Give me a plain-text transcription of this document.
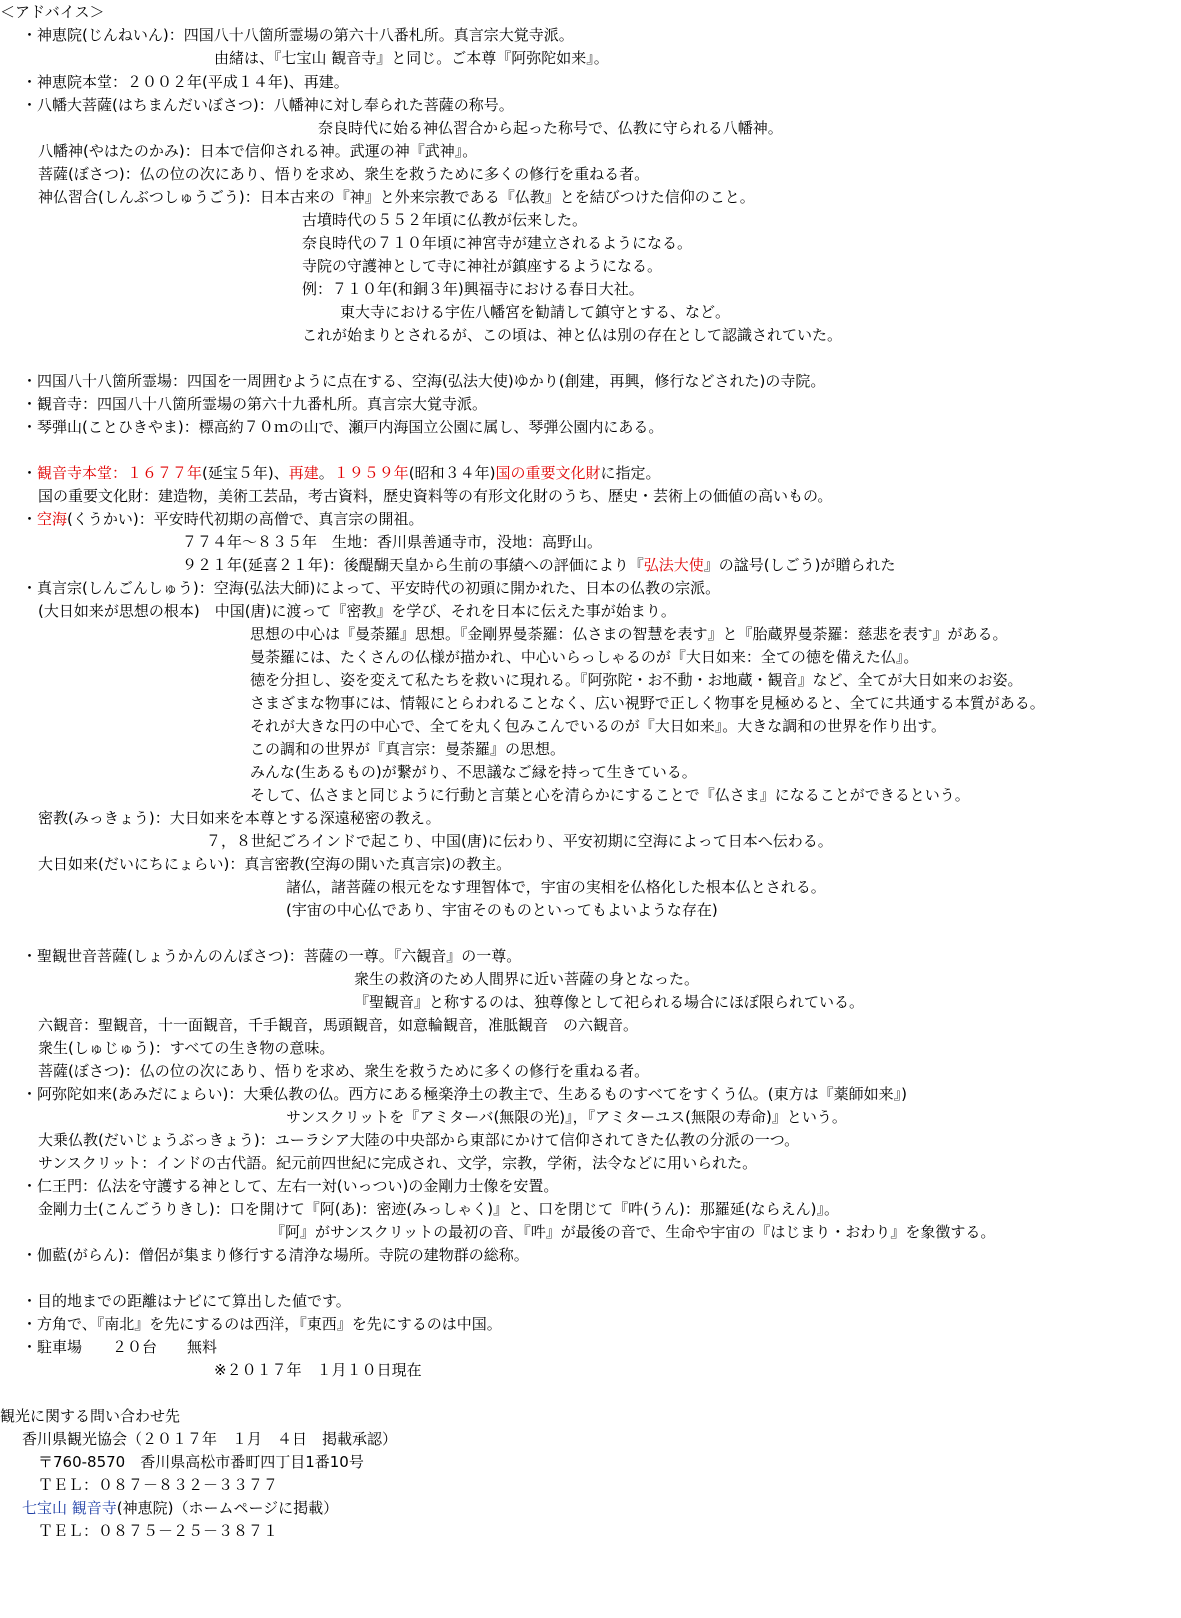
＜アドバイス＞
・神恵院(じんねいん)：四国八十八箇所霊場の第六十八番札所。真言宗大覚寺派。
由緒は、『七宝山 観音寺』と同じ。ご本尊『阿弥陀如来』。
・神恵院本堂：２００２年(平成１４年)、再建。
・八幡大菩薩(はちまんだいぼさつ)：八幡神に対し奉られた菩薩の称号。
奈良時代に始る神仏習合から起った称号で、仏教に守られる八幡神。
八幡神(やはたのかみ)：日本で信仰される神。武運の神『武神』。
菩薩(ぼさつ)：仏の位の次にあり、悟りを求め、衆生を救うために多くの修行を重ねる者。
神仏習合(しんぶつしゅうごう)：日本古来の『神』と外来宗教である『仏教』とを結びつけた信仰のこと。
古墳時代の５５２年頃に仏教が伝来した。
奈良時代の７１０年頃に神宮寺が建立されるようになる。
寺院の守護神として寺に神社が鎮座するようになる。
例：７１０年(和銅３年)興福寺における春日大社。
東大寺における宇佐八幡宮を勧請して鎮守とする、など。
これが始まりとされるが、この頃は、神と仏は別の存在として認識されていた。
・四国八十八箇所霊場：四国を一周囲むように点在する、空海(弘法大使)ゆかり(創建，再興，修行などされた)の寺院。
・観音寺：四国八十八箇所霊場の第六十九番札所。真言宗大覚寺派。
・琴弾山(ことひきやま)：標高約７０ｍの山で、瀬戸内海国立公園に属し、琴弾公園内にある。
・観音寺本堂：１６７７年(延宝５年)、再建。１９５９年(昭和３４年)国の重要文化財に指定。
国の重要文化財：建造物，美術工芸品，考古資料，歴史資料等の有形文化財のうち、歴史・芸術上の価値の高いもの。
・空海(くうかい)：平安時代初期の高僧で、真言宗の開祖。
７７４年〜８３５年　生地：香川県善通寺市，没地：高野山。
９２１年(延喜２１年)：後醍醐天皇から生前の事績への評価により『弘法大使』の諡号(しごう)が贈られた
・真言宗(しんごんしゅう)：空海(弘法大師)によって、平安時代の初頭に開かれた、日本の仏教の宗派。
(大日如来が思想の根本)　中国(唐)に渡って『密教』を学び、それを日本に伝えた事が始まり。
思想の中心は『曼荼羅』思想。『金剛界曼荼羅：仏さまの智慧を表す』と『胎蔵界曼荼羅：慈悲を表す』がある。
曼荼羅には、たくさんの仏様が描かれ、中心いらっしゃるのが『大日如来：全ての徳を備えた仏』。
徳を分担し、姿を変えて私たちを救いに現れる。『阿弥陀・お不動・お地蔵・観音』など、全てが大日如来のお姿。
さまざまな物事には、情報にとらわれることなく、広い視野で正しく物事を見極めると、全てに共通する本質がある。
それが大きな円の中心で、全てを丸く包みこんでいるのが『大日如来』。大きな調和の世界を作り出す。
この調和の世界が『真言宗：曼荼羅』の思想。
みんな(生あるもの)が繋がり、不思議なご縁を持って生きている。
そして、仏さまと同じように行動と言葉と心を清らかにすることで『仏さま』になることができるという。
密教(みっきょう)：大日如来を本尊とする深遠秘密の教え。
７，８世紀ごろインドで起こり、中国(唐)に伝わり、平安初期に空海によって日本へ伝わる。
大日如来(だいにちにょらい)：真言密教(空海の開いた真言宗)の教主。
諸仏，諸菩薩の根元をなす理智体で，宇宙の実相を仏格化した根本仏とされる。
(宇宙の中心仏であり、宇宙そのものといってもよいような存在)
・聖観世音菩薩(しょうかんのんぼさつ)：菩薩の一尊。『六観音』の一尊。
衆生の救済のため人間界に近い菩薩の身となった。
『聖観音』と称するのは、独尊像として祀られる場合にほぼ限られている。
六観音：聖観音，十一面観音，千手観音，馬頭観音，如意輪観音，准胝観音　の六観音。
衆生(しゅじゅう)：すべての生き物の意味。
菩薩(ぼさつ)：仏の位の次にあり、悟りを求め、衆生を救うために多くの修行を重ねる者。
・阿弥陀如来(あみだにょらい)：大乗仏教の仏。西方にある極楽浄土の教主で、生あるものすべてをすくう仏。(東方は『薬師如来』)
サンスクリットを『アミターバ(無限の光)』，『アミターユス(無限の寿命)』という。
大乗仏教(だいじょうぶっきょう)：ユーラシア大陸の中央部から東部にかけて信仰されてきた仏教の分派の一つ。
サンスクリット：インドの古代語。紀元前四世紀に完成され、文学，宗教，学術，法令などに用いられた。
・仁王門：仏法を守護する神として、左右一対(いっつい)の金剛力士像を安置。
金剛力士(こんごうりきし)：口を開けて『阿(あ)：密迹(みっしゃく)』と、口を閉じて『吽(うん)：那羅延(ならえん)』。
『阿』がサンスクリットの最初の音、『吽』が最後の音で、生命や宇宙の『はじまり・おわり』を象徴する。
・伽藍(がらん)：僧侶が集まり修行する清浄な場所。寺院の建物群の総称。
・目的地までの距離はナビにて算出した値です。
・方角で、『南北』を先にするのは西洋，『東西』を先にするのは中国。
・駐車場　　２０台　　無料
※２０１７年　１月１０日現在
観光に関する問い合わせ先
香川県観光協会（２０１７年　１月　４日　掲載承認）
〒760-8570　香川県高松市番町四丁目1番10号
ＴＥＬ：０８７－８３２－３３７７
七宝山 観音寺(神恵院)（ホームページに掲載）
ＴＥＬ：０８７５－２５－３８７１
